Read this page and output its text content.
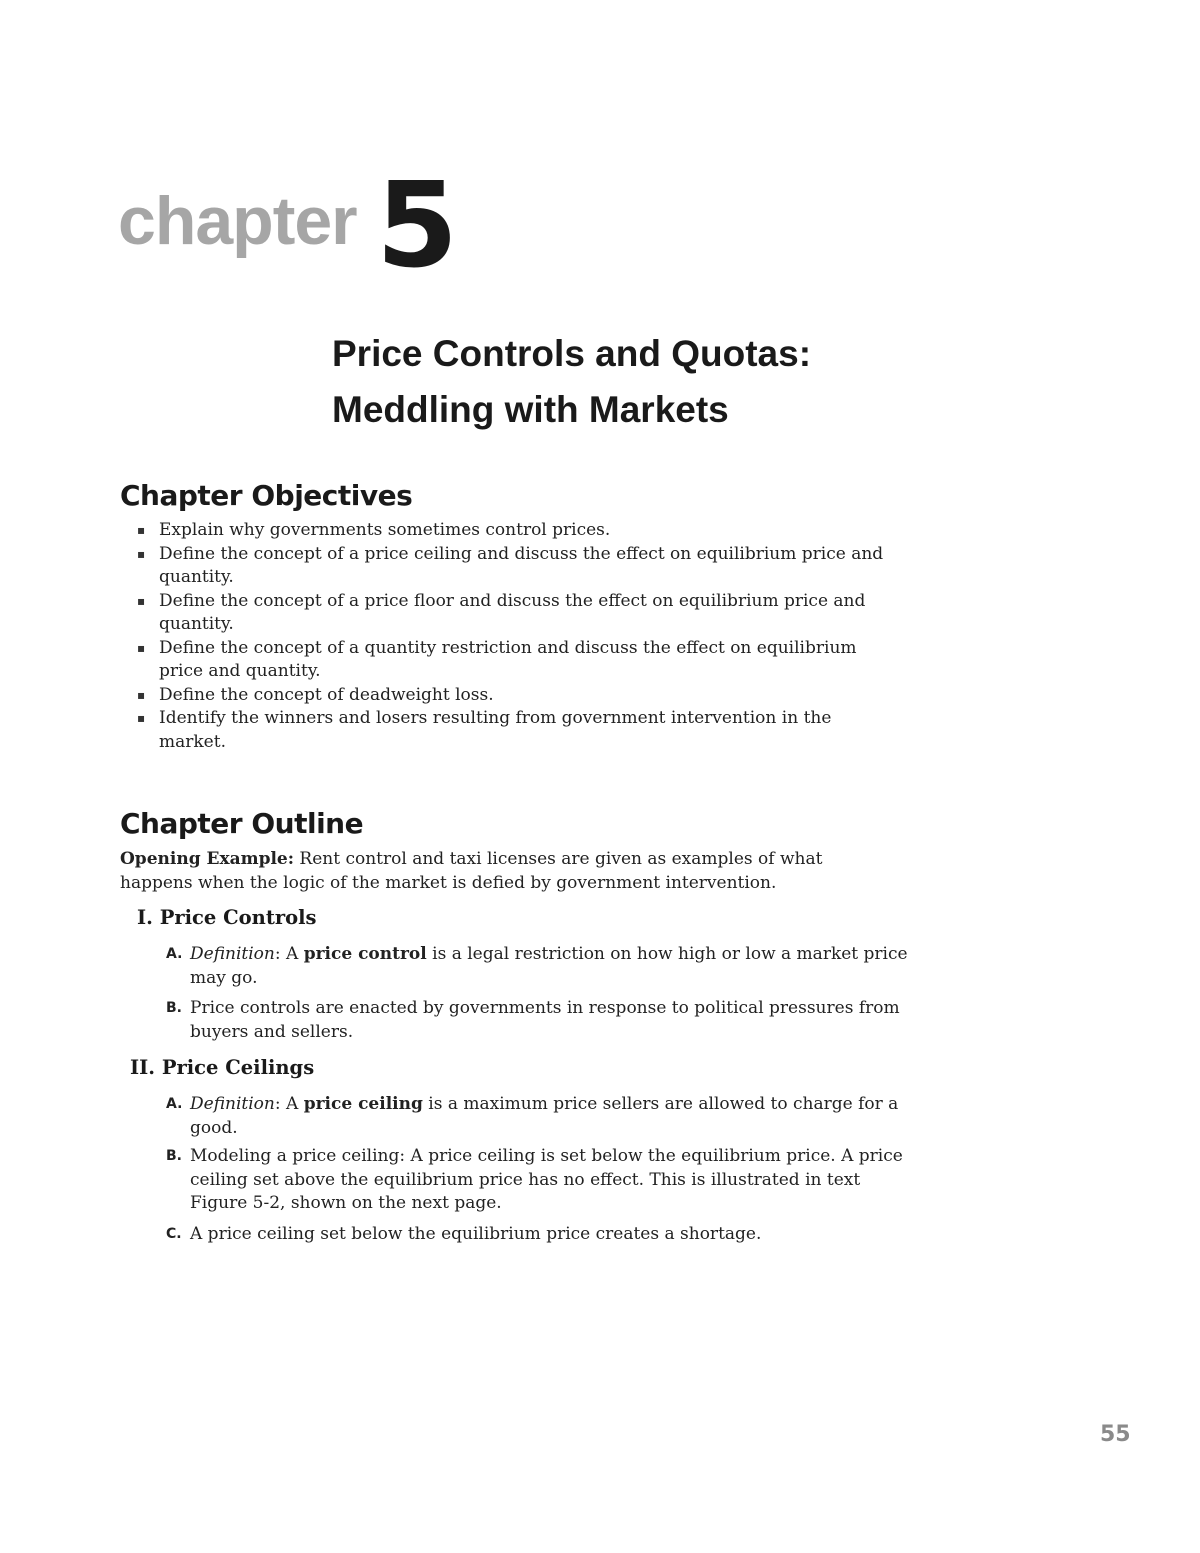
chapter 5
Price Controls and Quotas:
Meddling with Markets
Chapter Objectives
▪ Explain why governments sometimes control prices.
▪ Define the concept of a price ceiling and discuss the effect on equilibrium price and quantity.
▪ Define the concept of a price floor and discuss the effect on equilibrium price and quantity.
▪ Define the concept of a quantity restriction and discuss the effect on equilibrium price and quantity.
▪ Define the concept of deadweight loss.
▪ Identify the winners and losers resulting from government intervention in the market.
Chapter Outline
Opening Example: Rent control and taxi licenses are given as examples of what happens when the logic of the market is defied by government intervention.
I. Price Controls
A. Definition: A price control is a legal restriction on how high or low a market price may go.
B. Price controls are enacted by governments in response to political pressures from buyers and sellers.
II. Price Ceilings
A. Definition: A price ceiling is a maximum price sellers are allowed to charge for a good.
B. Modeling a price ceiling: A price ceiling is set below the equilibrium price. A price ceiling set above the equilibrium price has no effect. This is illustrated in text Figure 5-2, shown on the next page.
C. A price ceiling set below the equilibrium price creates a shortage.
55
